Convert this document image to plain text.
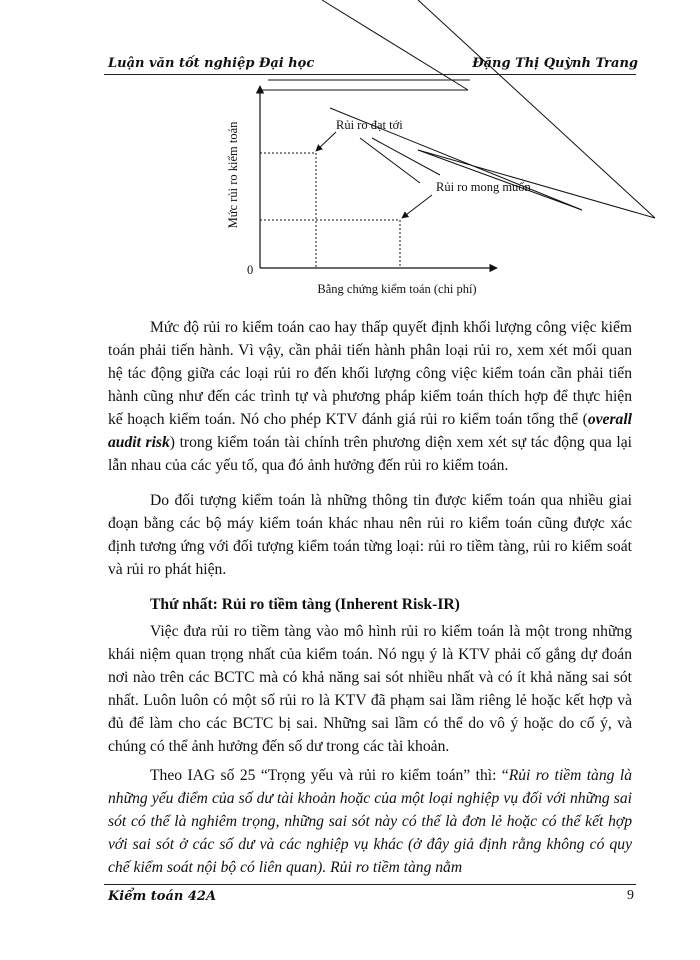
Luận văn tốt nghiệp Đại học	Đặng Thị Quỳnh Trang
Mức rủi ro kiểm toán
Bằng chứng kiểm toán (chi phí)
0
Rủi ro đạt tới
Rủi ro mong muốn

Mức độ rủi ro kiểm toán cao hay thấp quyết định khối lượng công việc kiểm toán phải tiến hành. Vì vậy, cần phải tiến hành phân loại rủi ro, xem xét mối quan hệ tác động giữa các loại rủi ro đến khối lượng công việc kiểm toán cần phải tiến hành cũng như đến các trình tự và phương pháp kiểm toán thích hợp để thực hiện kế hoạch kiểm toán. Nó cho phép KTV đánh giá rủi ro kiểm toán tổng thể (overall audit risk) trong kiểm toán tài chính trên phương diện xem xét sự tác động qua lại lẫn nhau của các yếu tố, qua đó ảnh hưởng đến rủi ro kiểm toán.

Do đối tượng kiểm toán là những thông tin được kiểm toán qua nhiều giai đoạn bằng các bộ máy kiểm toán khác nhau nên rủi ro kiểm toán cũng được xác định tương ứng với đối tượng kiểm toán từng loại: rủi ro tiềm tàng, rủi ro kiểm soát và rủi ro phát hiện.

Thứ nhất: Rủi ro tiềm tàng (Inherent Risk-IR)

Việc đưa rủi ro tiềm tàng vào mô hình rủi ro kiểm toán là một trong những khái niệm quan trọng nhất của kiểm toán. Nó ngụ ý là KTV phải cố gắng dự đoán nơi nào trên các BCTC mà có khả năng sai sót nhiều nhất và có ít khả năng sai sót nhất. Luôn luôn có một số rủi ro là KTV đã phạm sai lầm riêng lẻ hoặc kết hợp và đủ để làm cho các BCTC bị sai. Những sai lầm có thể do vô ý hoặc do cố ý, và chúng có thể ảnh hưởng đến số dư trong các tài khoản.

Theo IAG số 25 “Trọng yếu và rủi ro kiểm toán” thì: “Rủi ro tiềm tàng là những yếu điểm của số dư tài khoản hoặc của một loại nghiệp vụ đối với những sai sót có thể là nghiêm trọng, những sai sót này có thể là đơn lẻ hoặc có thể kết hợp với sai sót ở các số dư và các nghiệp vụ khác (ở đây giả định rằng không có quy chế kiểm soát nội bộ có liên quan). Rủi ro tiềm tàng nằm

Kiểm toán 42A	9
